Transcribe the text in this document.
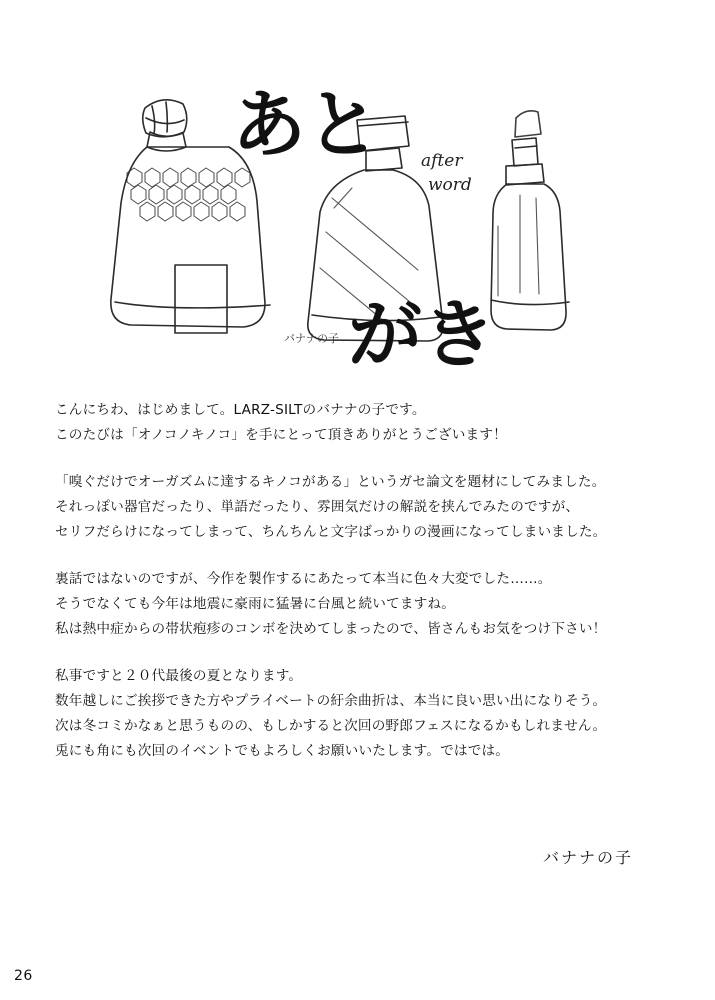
あと
がき
after
word
バナナの子
こんにちわ、はじめまして。LARZ-SILTのバナナの子です。
このたびは「オノコノキノコ」を手にとって頂きありがとうございます！
「嗅ぐだけでオーガズムに達するキノコがある」というガセ論文を題材にしてみました。
それっぽい器官だったり、単語だったり、雰囲気だけの解説を挟んでみたのですが、
セリフだらけになってしまって、ちんちんと文字ばっかりの漫画になってしまいました。
裏話ではないのですが、今作を製作するにあたって本当に色々大変でした……。
そうでなくても今年は地震に豪雨に猛暑に台風と続いてますね。
私は熱中症からの帯状疱疹のコンボを決めてしまったので、皆さんもお気をつけ下さい！
私事ですと２０代最後の夏となります。
数年越しにご挨拶できた方やプライベートの紆余曲折は、本当に良い思い出になりそう。
次は冬コミかなぁと思うものの、もしかすると次回の野郎フェスになるかもしれません。
兎にも角にも次回のイベントでもよろしくお願いいたします。ではでは。
バナナの子
26
